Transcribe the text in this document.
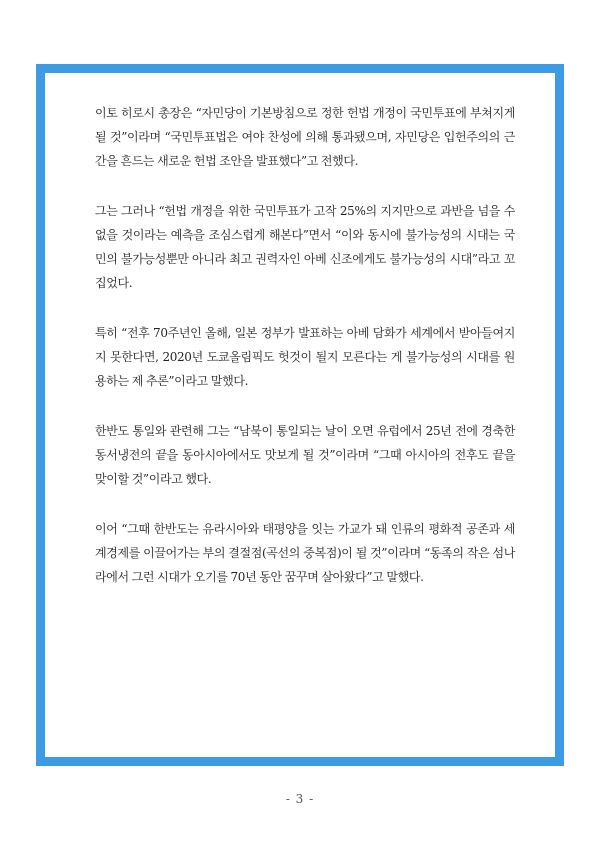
이토 히로시 총장은 “자민당이 기본방침으로 정한 헌법 개정이 국민투표에 부쳐지게 될 것”이라며 “국민투표법은 여야 찬성에 의해 통과됐으며, 자민당은 입헌주의의 근간을 흔드는 새로운 헌법 조안을 발표했다”고 전했다.

그는 그러나 “헌법 개정을 위한 국민투표가 고작 25%의 지지만으로 과반을 넘을 수 없을 것이라는 예측을 조심스럽게 해본다”면서 “이와 동시에 불가능성의 시대는 국민의 불가능성뿐만 아니라 최고 권력자인 아베 신조에게도 불가능성의 시대”라고 꼬집었다.

특히 “전후 70주년인 올해, 일본 정부가 발표하는 아베 담화가 세계에서 받아들여지지 못한다면, 2020년 도쿄올림픽도 헛것이 될지 모른다는 게 불가능성의 시대를 원용하는 제 추론”이라고 말했다.

한반도 통일와 관련해 그는 “남북이 통일되는 날이 오면 유럽에서 25년 전에 경축한 동서냉전의 끝을 동아시아에서도 맛보게 될 것”이라며 “그때 아시아의 전후도 끝을 맞이할 것”이라고 했다.

이어 “그때 한반도는 유라시아와 태평양을 잇는 가교가 돼 인류의 평화적 공존과 세계경제를 이끌어가는 부의 결절점(곡선의 중복점)이 될 것”이라며 “동족의 작은 섬나라에서 그런 시대가 오기를 70년 동안 꿈꾸며 살아왔다”고 말했다.

- 3 -
